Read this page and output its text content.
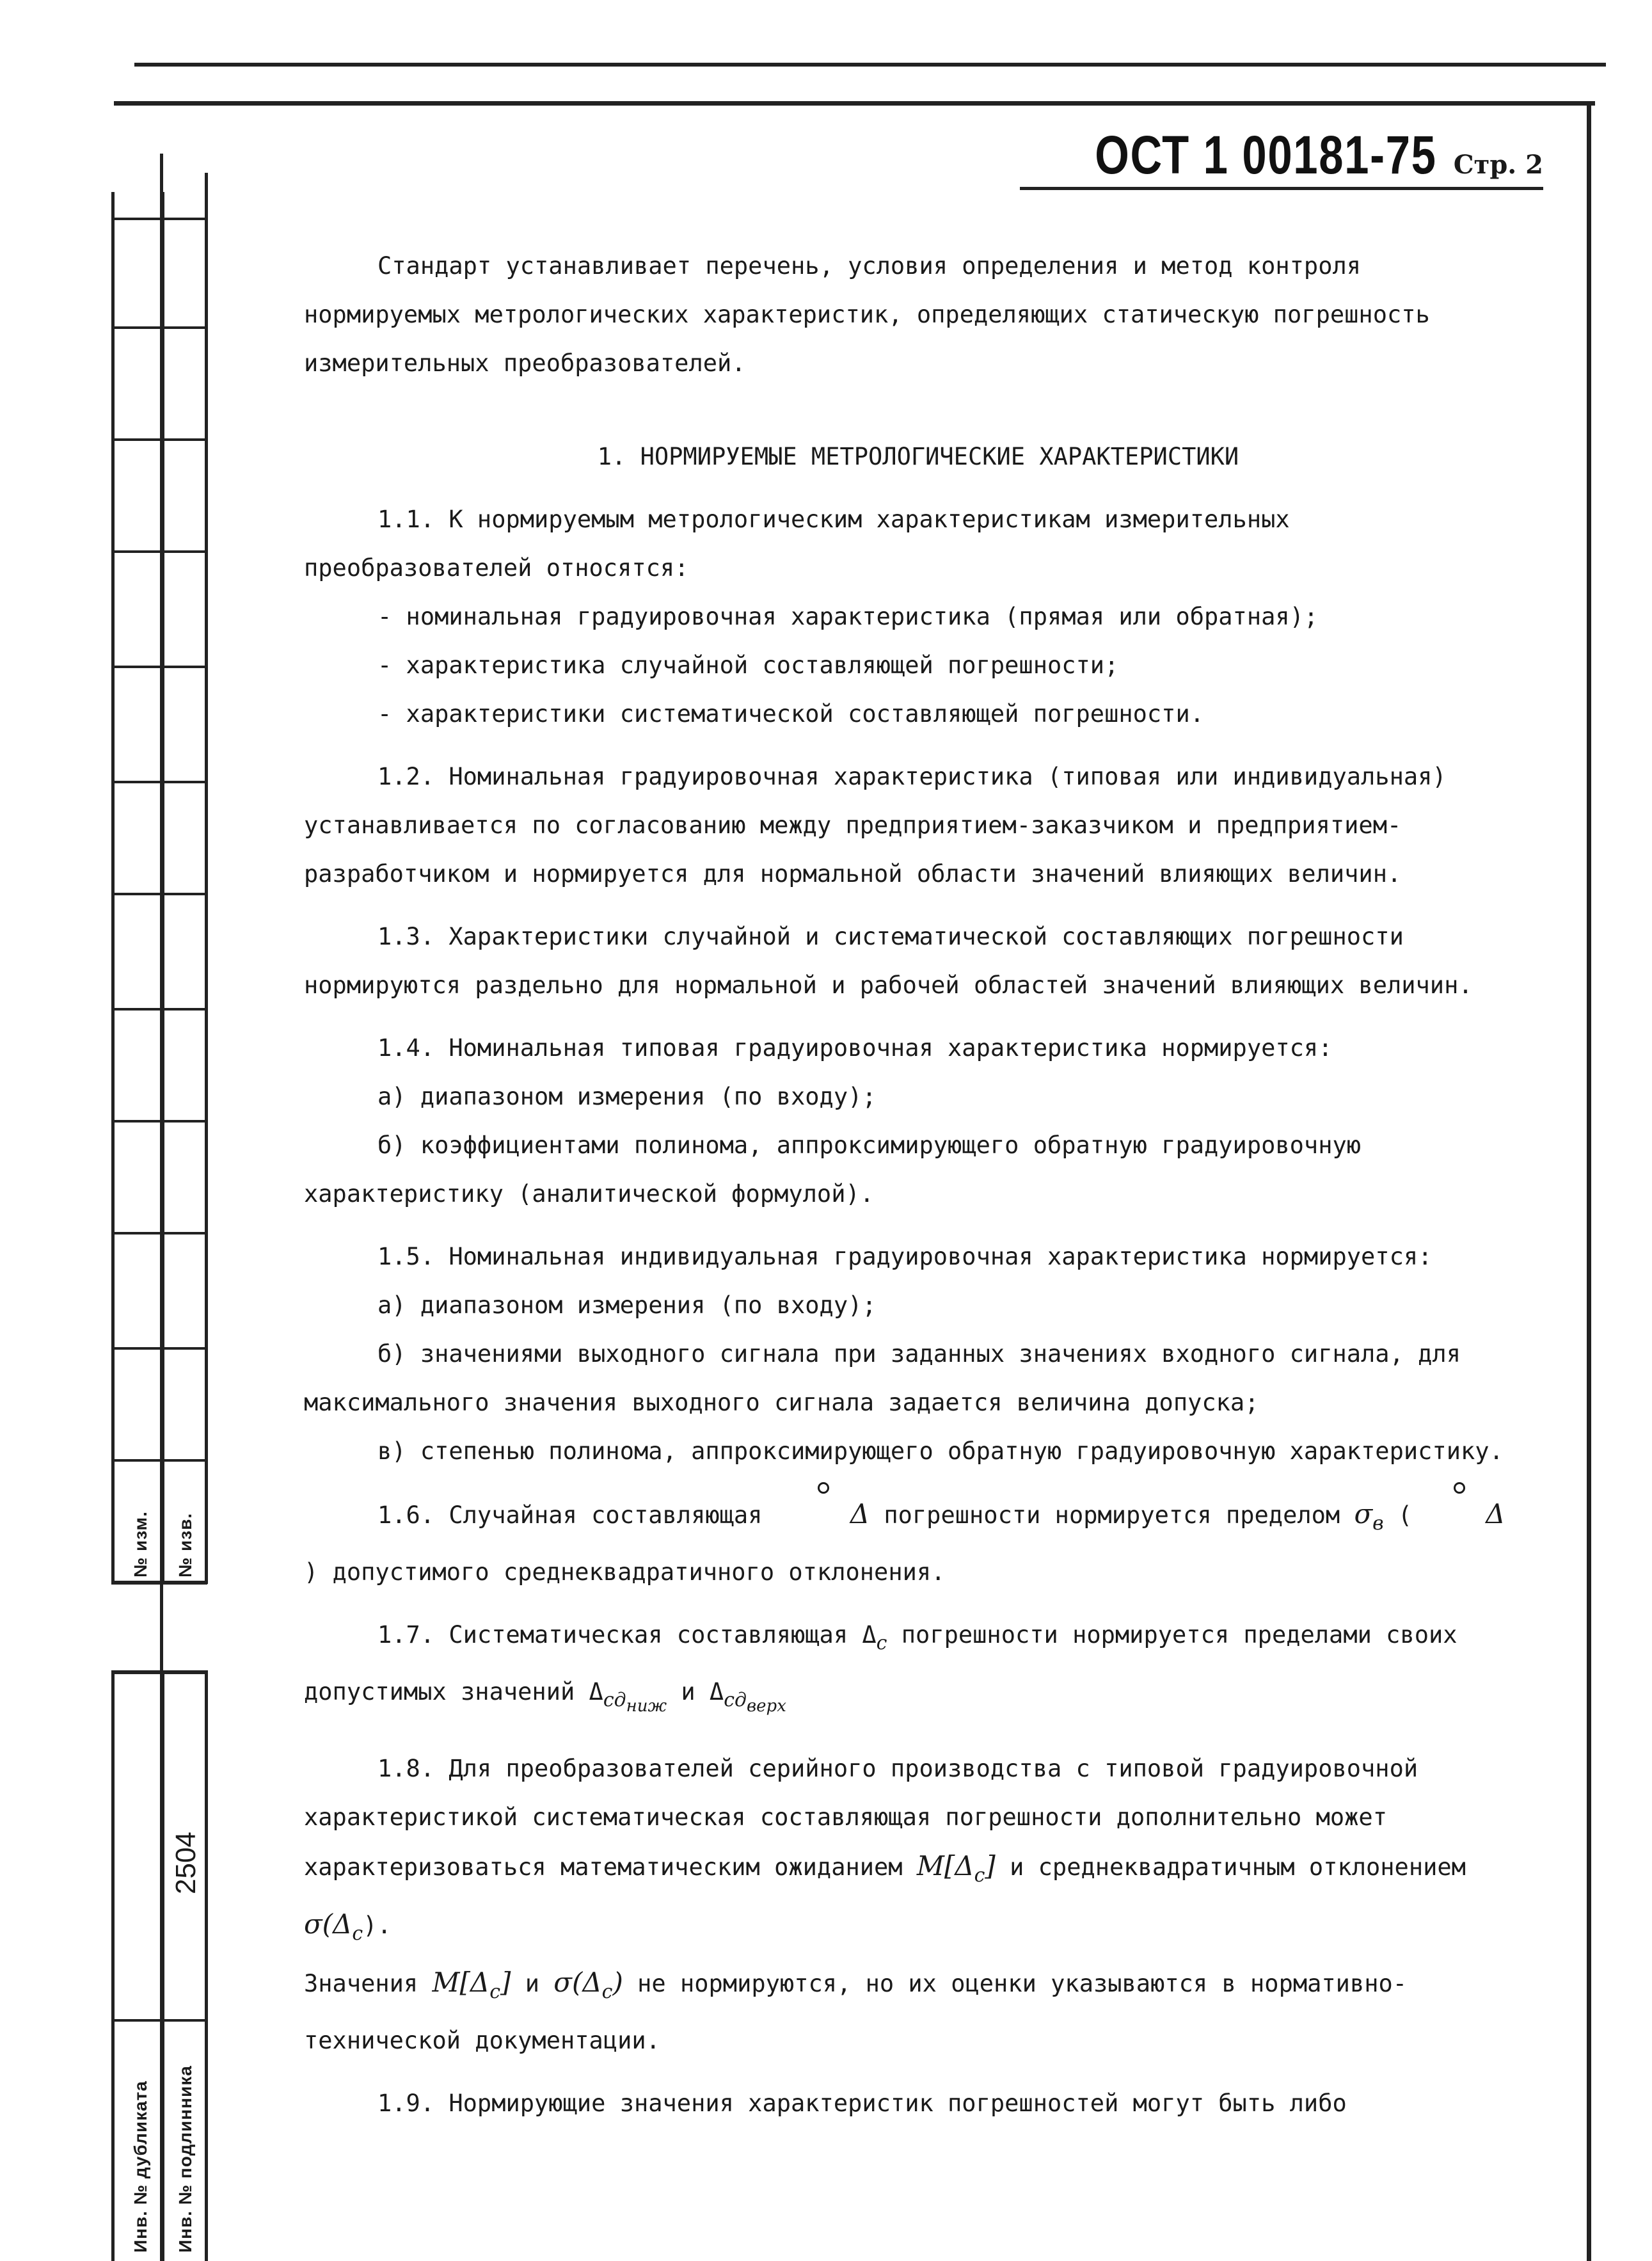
№ изм. № изв.
2504
Инв. № дубликата Инв. № подлинника
ОСТ 1 00181-75 Стр. 2

Стандарт устанавливает перечень, условия определения и метод контроля нормируемых метрологических характеристик, определяющих статическую погрешность измерительных преобразователей.

1. НОРМИРУЕМЫЕ МЕТРОЛОГИЧЕСКИЕ ХАРАКТЕРИСТИКИ

1.1. К нормируемым метрологическим характеристикам измерительных преобразователей относятся:

- номинальная градуировочная характеристика (прямая или обратная);

- характеристика случайной составляющей погрешности;

- характеристики систематической составляющей погрешности.

1.2. Номинальная градуировочная характеристика (типовая или индивидуальная) устанавливается по согласованию между предприятием-заказчиком и предприятием-разработчиком и нормируется для нормальной области значений влияющих величин.

1.3. Характеристики случайной и систематической составляющих погрешности нормируются раздельно для нормальной и рабочей областей значений влияющих величин.

1.4. Номинальная типовая градуировочная характеристика нормируется:

а) диапазоном измерения (по входу);

б) коэффициентами полинома, аппроксимирующего обратную градуировочную характеристику (аналитической формулой).

1.5. Номинальная индивидуальная градуировочная характеристика нормируется:

а) диапазоном измерения (по входу);

б) значениями выходного сигнала при заданных значениях входного сигнала, для максимального значения выходного сигнала задается величина допуска;

в) степенью полинома, аппроксимирующего обратную градуировочную характеристику.

1.6. Случайная составляющая	Δ погрешности нормируется пределом $\sigma_в$ (	Δ) допустимого среднеквадратичного отклонения.

1.7. Систематическая составляющая $\Delta_c$ погрешности нормируется пределами своих допустимых значений $\Delta_{сд_{ниж}}$ и $\Delta_{сд_{верх}}$

1.8. Для преобразователей серийного производства с типовой градуировочной характеристикой систематическая составляющая погрешности дополнительно может характеризоваться математическим ожиданием $M[\Delta_c]$ и среднеквадратичным отклонением $\sigma(\Delta_c)$.

Значения $M[\Delta_c]$ и $\sigma(\Delta_c)$ не нормируются, но их оценки указываются в нормативно-технической документации.

1.9. Нормирующие значения характеристик погрешностей могут быть либо
